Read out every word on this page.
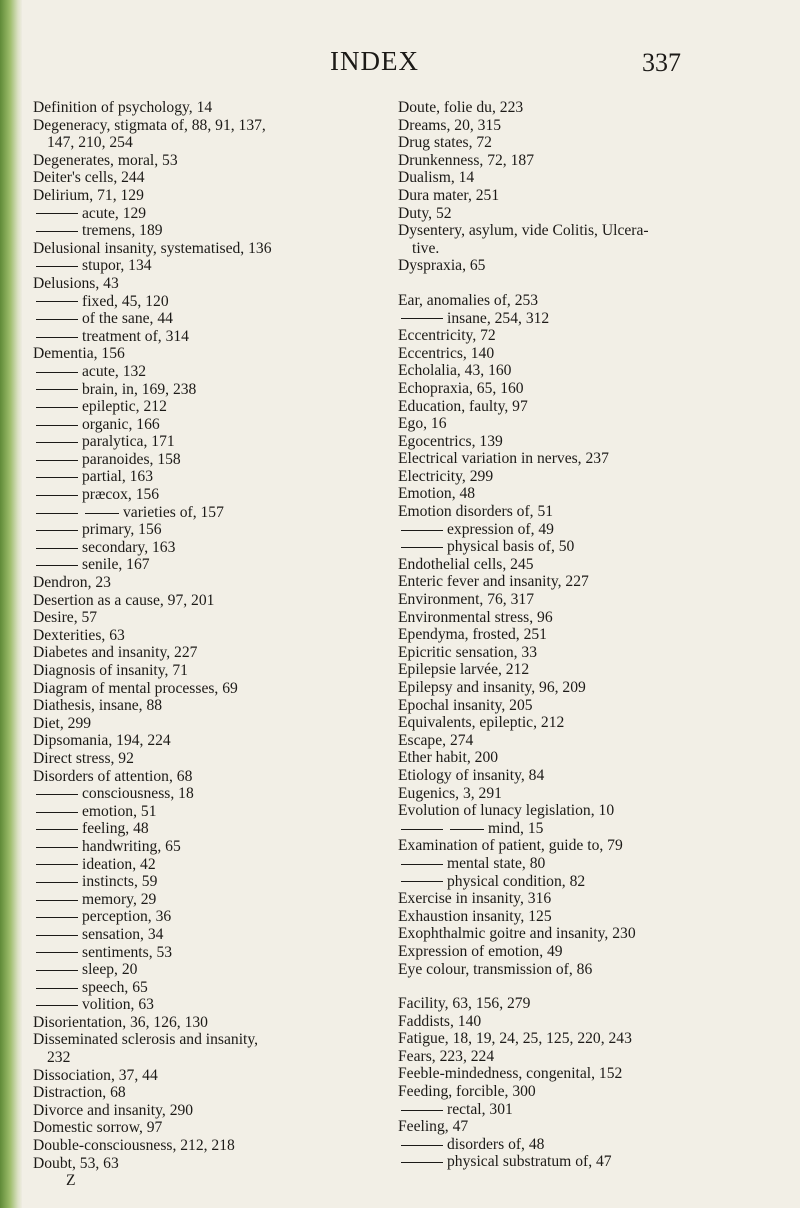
INDEX	337
Definition of psychology, 14
Degeneracy, stigmata of, 88, 91, 137,
147, 210, 254
Degenerates, moral, 53
Deiter's cells, 244
Delirium, 71, 129
acute, 129
tremens, 189
Delusional insanity, systematised, 136
stupor, 134
Delusions, 43
fixed, 45, 120
of the sane, 44
treatment of, 314
Dementia, 156
acute, 132
brain, in, 169, 238
epileptic, 212
organic, 166
paralytica, 171
paranoides, 158
partial, 163
præcox, 156
varieties of, 157
primary, 156
secondary, 163
senile, 167
Dendron, 23
Desertion as a cause, 97, 201
Desire, 57
Dexterities, 63
Diabetes and insanity, 227
Diagnosis of insanity, 71
Diagram of mental processes, 69
Diathesis, insane, 88
Diet, 299
Dipsomania, 194, 224
Direct stress, 92
Disorders of attention, 68
consciousness, 18
emotion, 51
feeling, 48
handwriting, 65
ideation, 42
instincts, 59
memory, 29
perception, 36
sensation, 34
sentiments, 53
sleep, 20
speech, 65
volition, 63
Disorientation, 36, 126, 130
Disseminated sclerosis and insanity,
232
Dissociation, 37, 44
Distraction, 68
Divorce and insanity, 290
Domestic sorrow, 97
Double-consciousness, 212, 218
Doubt, 53, 63
Z
Doute, folie du, 223
Dreams, 20, 315
Drug states, 72
Drunkenness, 72, 187
Dualism, 14
Dura mater, 251
Duty, 52
Dysentery, asylum, vide Colitis, Ulcera-
tive.
Dyspraxia, 65
Ear, anomalies of, 253
insane, 254, 312
Eccentricity, 72
Eccentrics, 140
Echolalia, 43, 160
Echopraxia, 65, 160
Education, faulty, 97
Ego, 16
Egocentrics, 139
Electrical variation in nerves, 237
Electricity, 299
Emotion, 48
Emotion disorders of, 51
expression of, 49
physical basis of, 50
Endothelial cells, 245
Enteric fever and insanity, 227
Environment, 76, 317
Environmental stress, 96
Ependyma, frosted, 251
Epicritic sensation, 33
Epilepsie larvée, 212
Epilepsy and insanity, 96, 209
Epochal insanity, 205
Equivalents, epileptic, 212
Escape, 274
Ether habit, 200
Etiology of insanity, 84
Eugenics, 3, 291
Evolution of lunacy legislation, 10
mind, 15
Examination of patient, guide to, 79
mental state, 80
physical condition, 82
Exercise in insanity, 316
Exhaustion insanity, 125
Exophthalmic goitre and insanity, 230
Expression of emotion, 49
Eye colour, transmission of, 86
Facility, 63, 156, 279
Faddists, 140
Fatigue, 18, 19, 24, 25, 125, 220, 243
Fears, 223, 224
Feeble-mindedness, congenital, 152
Feeding, forcible, 300
rectal, 301
Feeling, 47
disorders of, 48
physical substratum of, 47
